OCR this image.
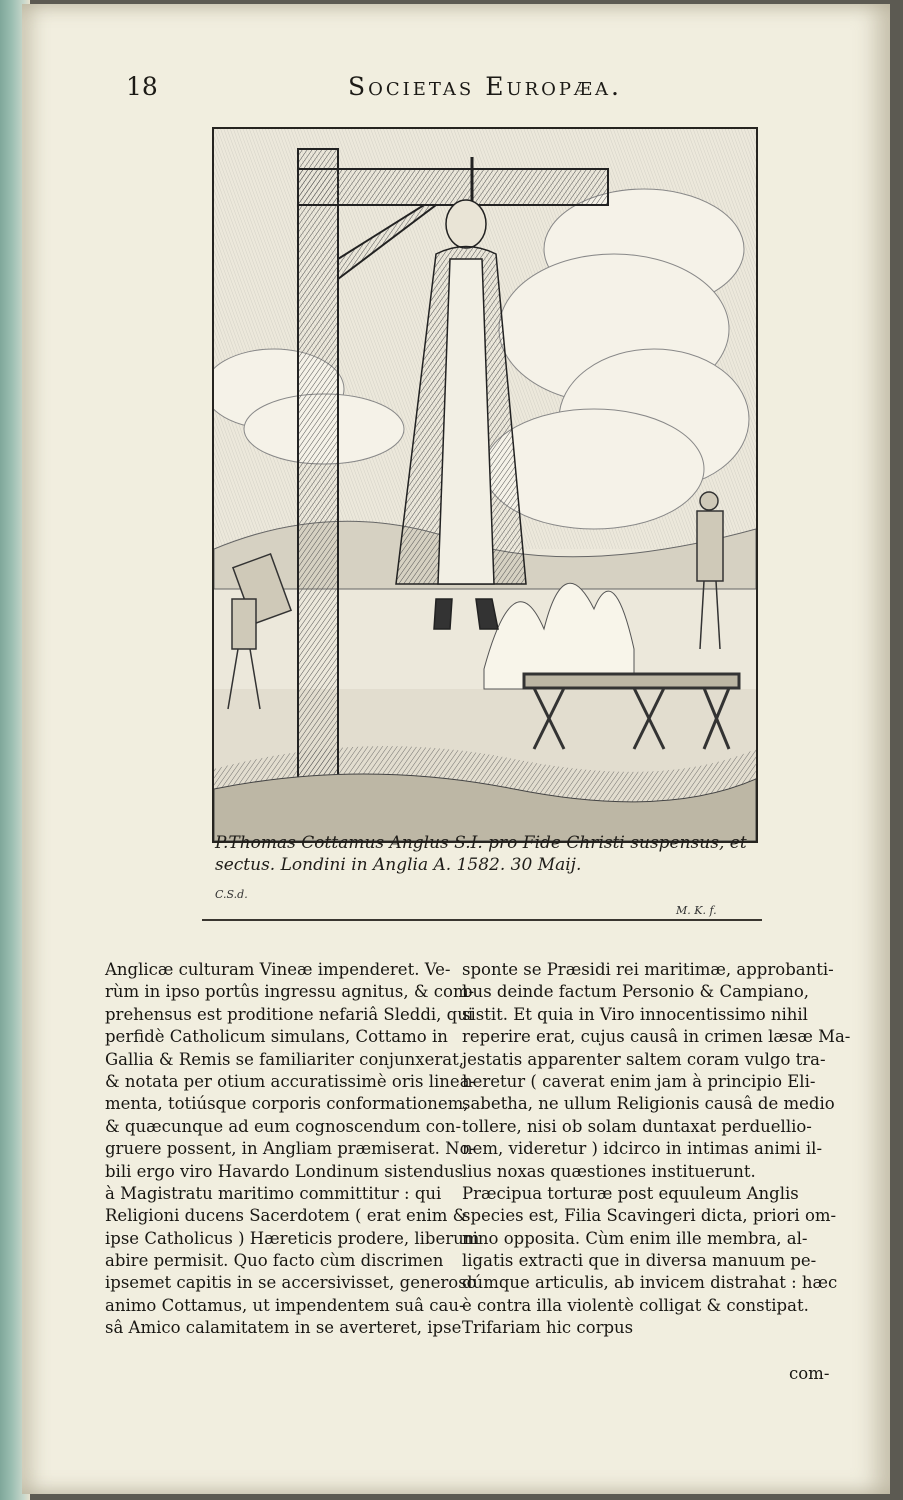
18	Societas Europæa.
P.Thomas Cottamus Anglus S.I. pro Fide Christi suspensus, et
sectus. Londini in Anglia A. 1582. 30 Maij.
C.S.d.
M. K. f.
Anglicæ culturam Vineæ impenderet. Ve-
rùm in ipso portûs ingressu agnitus, & com-
prehensus est proditione nefariâ Sleddi, qui
perfidè Catholicum simulans, Cottamo in
Gallia & Remis se familiariter conjunxerat,
& notata per otium accuratissimè oris linea-
menta, totiúsque corporis conformationem,
& quæcunque ad eum cognoscendum con-
gruere possent, in Angliam præmiserat. No-
bili ergo viro Havardo Londinum sistendus
à Magistratu maritimo committitur : qui
Religioni ducens Sacerdotem ( erat enim &
ipse Catholicus ) Hæreticis prodere, liberum
abire permisit. Quo facto cùm discrimen
ipsemet capitis in se accersivisset, generoso
animo Cottamus, ut impendentem suâ cau-
sâ Amico calamitatem in se averteret, ipse
sponte se Præsidi rei maritimæ, approbanti-
bus deinde factum Personio & Campiano,
sistit. Et quia in Viro innocentissimo nihil
reperire erat, cujus causâ in crimen læsæ Ma-
jestatis apparenter saltem coram vulgo tra-
heretur ( caverat enim jam à principio Eli-
sabetha, ne ullum Religionis causâ de medio
tollere, nisi ob solam duntaxat perduellio-
nem, videretur ) idcirco in intimas animi il-
lius noxas quæstiones instituerunt.
Præcipua torturæ post equuleum Anglis
species est, Filia Scavingeri dicta, priori om-
nino opposita. Cùm enim ille membra, al-
ligatis extracti que in diversa manuum pe-
dúmque articulis, ab invicem distrahat : hæc
è contra illa violentè colligat & constipat.
Trifariam hic corpus
com-
